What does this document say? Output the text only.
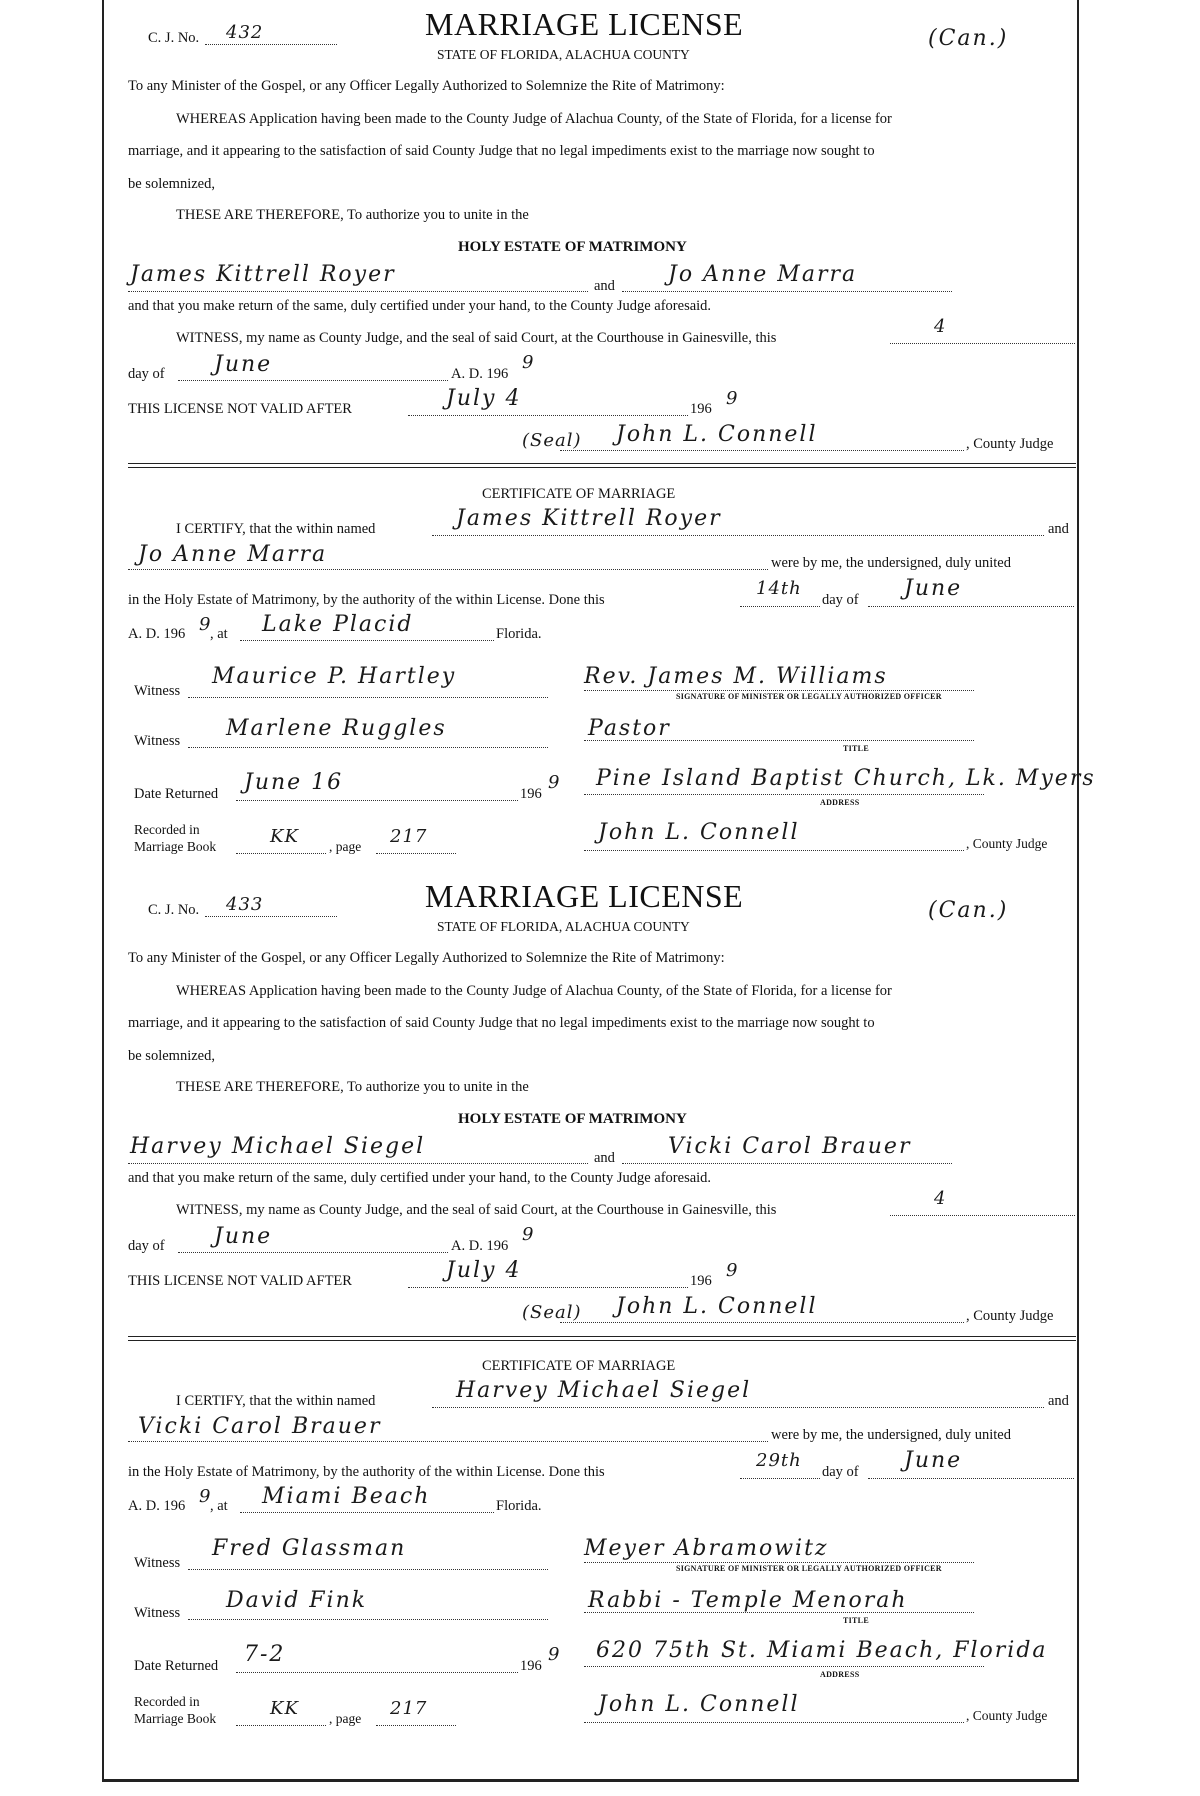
C. J. No. 432	MARRIAGE LICENSE
STATE OF FLORIDA, ALACHUA COUNTY
(Can.)
To any Minister of the Gospel, or any Officer Legally Authorized to Solemnize the Rite of Matrimony:
WHEREAS Application having been made to the County Judge of Alachua County, of the State of Florida, for a license for
marriage, and it appearing to the satisfaction of said County Judge that no legal impediments exist to the marriage now sought to
be solemnized,
THESE ARE THEREFORE, To authorize you to unite in the
HOLY ESTATE OF MATRIMONY
James Kittrell Royer	and Jo Anne Marra
and that you make return of the same, duly certified under your hand, to the County Judge aforesaid.
WITNESS, my name as County Judge, and the seal of said Court, at the Courthouse in Gainesville, this
4
day of June	A. D. 196
9
THIS LICENSE NOT VALID AFTER	July 4	196 9
(Seal) John L. Connell	, County Judge
CERTIFICATE OF MARRIAGE
I CERTIFY, that the within named	James Kittrell Royer	and
Jo Anne Marra	were by me, the undersigned, duly united
in the Holy Estate of Matrimony, by the authority of the within License. Done this
14th
day of June
A. D. 196 9
, at Lake Placid	Florida.
Witness
Maurice P. Hartley	Rev. James M. Williams
SIGNATURE OF MINISTER OR LEGALLY AUTHORIZED OFFICER
Witness Marlene Ruggles	Pastor
TITLE
Date Returned June 16	196
9 Pine Island Baptist Church, Lk. Myers
ADDRESS
Recorded in
Marriage Book	KK , page 217	John L. Connell	, County Judge
C. J. No. 433	MARRIAGE LICENSE
STATE OF FLORIDA, ALACHUA COUNTY
(Can.)
To any Minister of the Gospel, or any Officer Legally Authorized to Solemnize the Rite of Matrimony:
WHEREAS Application having been made to the County Judge of Alachua County, of the State of Florida, for a license for
marriage, and it appearing to the satisfaction of said County Judge that no legal impediments exist to the marriage now sought to
be solemnized,
THESE ARE THEREFORE, To authorize you to unite in the
HOLY ESTATE OF MATRIMONY
Harvey Michael Siegel	and Vicki Carol Brauer
and that you make return of the same, duly certified under your hand, to the County Judge aforesaid.
WITNESS, my name as County Judge, and the seal of said Court, at the Courthouse in Gainesville, this
4
day of June	A. D. 196
9
THIS LICENSE NOT VALID AFTER	July 4	196 9
(Seal) John L. Connell	, County Judge
CERTIFICATE OF MARRIAGE
I CERTIFY, that the within named	Harvey Michael Siegel	and
Vicki Carol Brauer	were by me, the undersigned, duly united
in the Holy Estate of Matrimony, by the authority of the within License. Done this
29th
day of June
A. D. 196 9
, at Miami Beach	Florida.
Witness
Fred Glassman	Meyer Abramowitz
SIGNATURE OF MINISTER OR LEGALLY AUTHORIZED OFFICER
Witness David Fink	Rabbi - Temple Menorah
TITLE
Date Returned 7-2	196
9 620 75th St. Miami Beach, Florida
ADDRESS
Recorded in
Marriage Book	KK , page 217	John L. Connell	, County Judge
